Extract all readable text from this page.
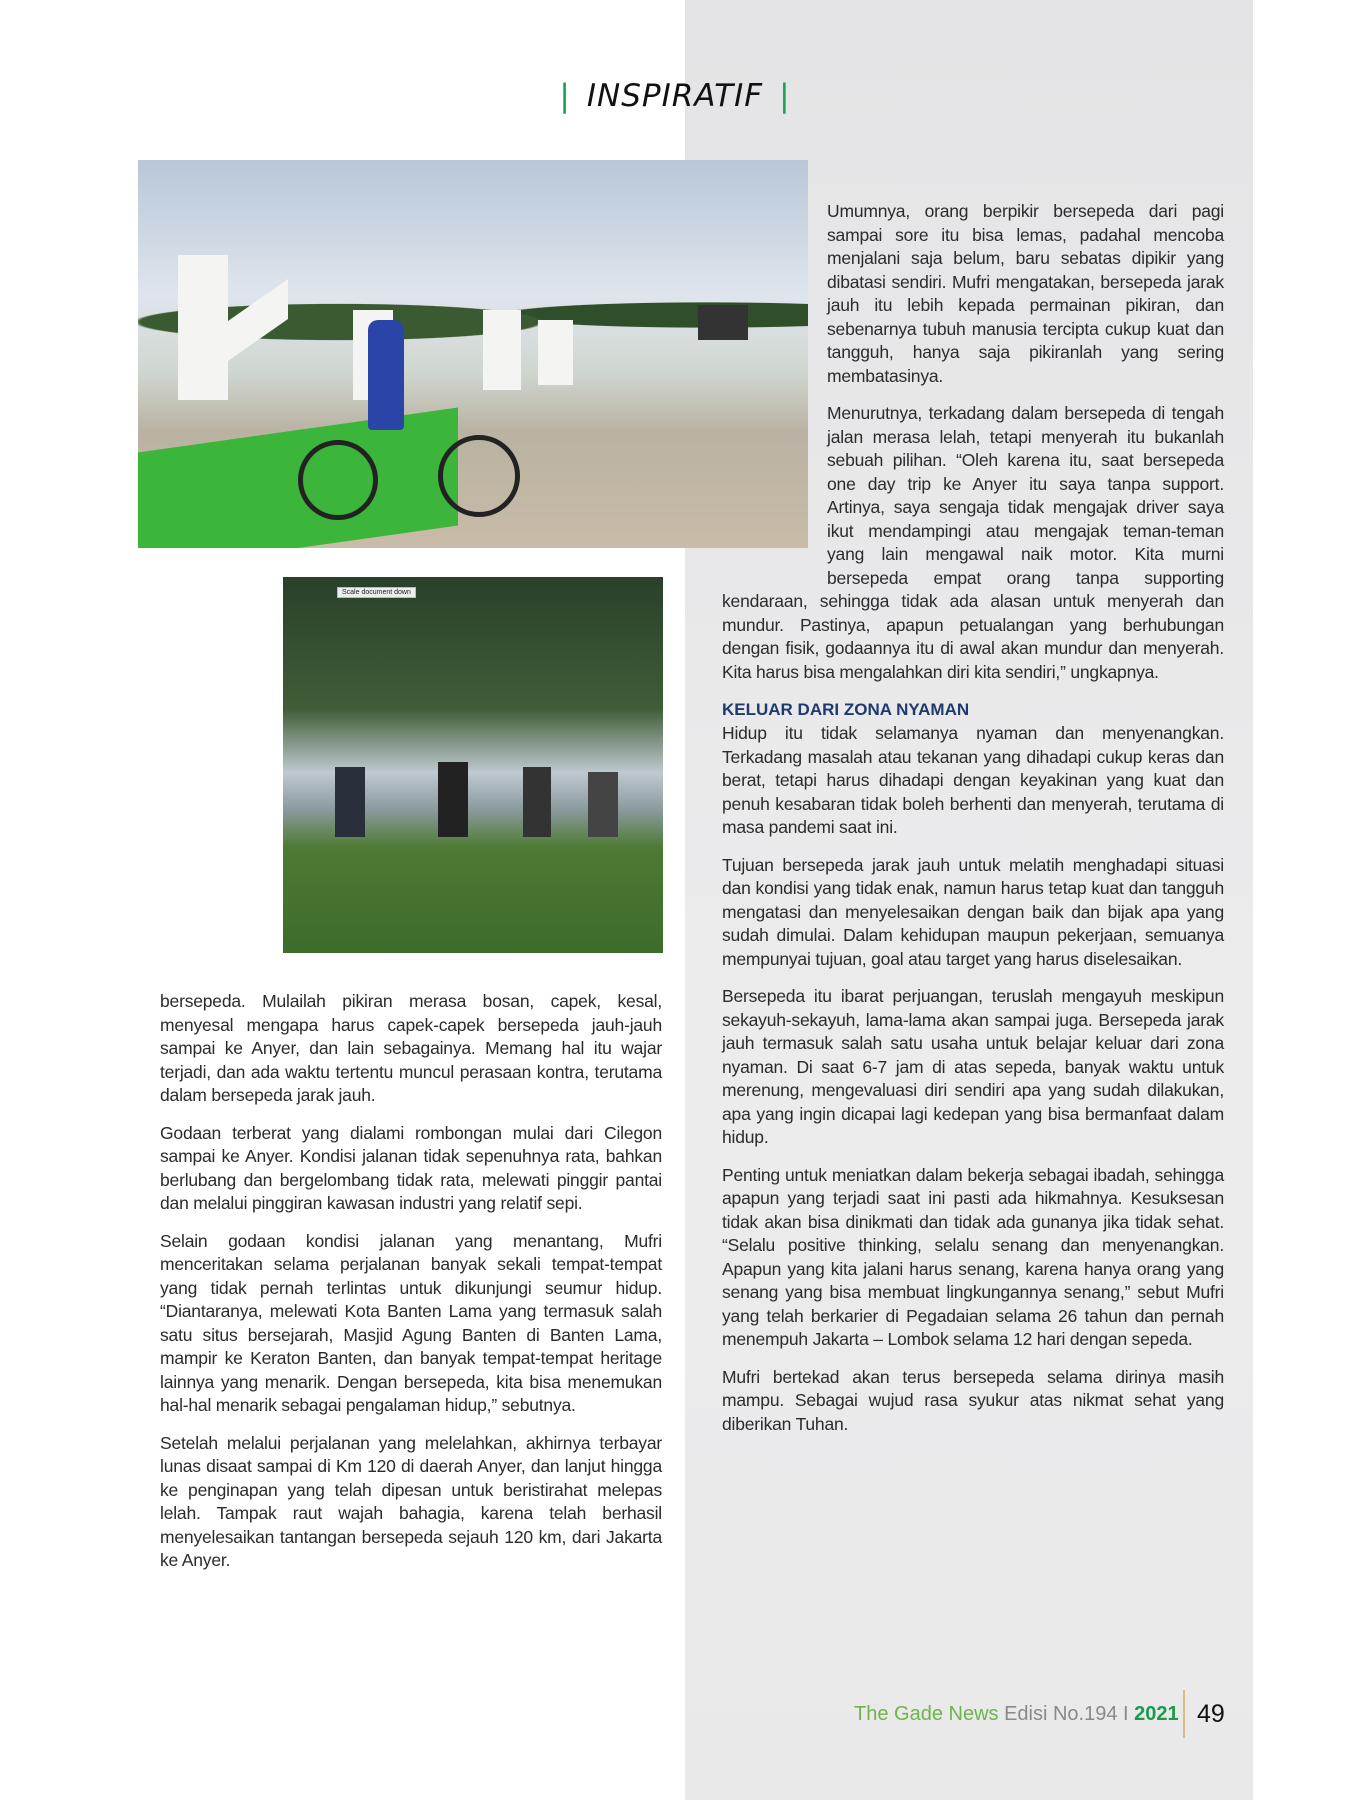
| INSPIRATIF |
Scale document down

Umumnya, orang berpikir bersepeda dari pagi sampai sore itu bisa lemas, padahal mencoba menjalani saja belum, baru sebatas dipikir yang dibatasi sendiri. Mufri mengatakan, bersepeda jarak jauh itu lebih kepada permainan pikiran, dan sebenarnya tubuh manusia tercipta cukup kuat dan tangguh, hanya saja pikiranlah yang sering membatasinya.

Menurutnya, terkadang dalam bersepeda di tengah jalan merasa lelah, tetapi menyerah itu bukanlah sebuah pilihan. “Oleh karena itu, saat bersepeda one day trip ke Anyer itu saya tanpa support. Artinya, saya sengaja tidak mengajak driver saya ikut mendampingi atau mengajak teman-teman yang lain mengawal naik motor. Kita murni bersepeda empat orang tanpa supporting kendaraan, sehingga tidak ada alasan untuk menyerah dan mundur. Pastinya, apapun petualangan yang berhubungan dengan fisik, godaannya itu di awal akan mundur dan menyerah. Kita harus bisa mengalahkan diri kita sendiri,” ungkapnya.

KELUAR DARI ZONA NYAMAN

Hidup itu tidak selamanya nyaman dan menyenangkan. Terkadang masalah atau tekanan yang dihadapi cukup keras dan berat, tetapi harus dihadapi dengan keyakinan yang kuat dan penuh kesabaran tidak boleh berhenti dan menyerah, terutama di masa pandemi saat ini.

Tujuan bersepeda jarak jauh untuk melatih menghadapi situasi dan kondisi yang tidak enak, namun harus tetap kuat dan tangguh mengatasi dan menyelesaikan dengan baik dan bijak apa yang sudah dimulai. Dalam kehidupan maupun pekerjaan, semuanya mempunyai tujuan, goal atau target yang harus diselesaikan.

Bersepeda itu ibarat perjuangan, teruslah mengayuh meskipun sekayuh-sekayuh, lama-lama akan sampai juga. Bersepeda jarak jauh termasuk salah satu usaha untuk belajar keluar dari zona nyaman. Di saat 6-7 jam di atas sepeda, banyak waktu untuk merenung, mengevaluasi diri sendiri apa yang sudah dilakukan, apa yang ingin dicapai lagi kedepan yang bisa bermanfaat dalam hidup.

Penting untuk meniatkan dalam bekerja sebagai ibadah, sehingga apapun yang terjadi saat ini pasti ada hikmahnya. Kesuksesan tidak akan bisa dinikmati dan tidak ada gunanya jika tidak sehat. “Selalu positive thinking, selalu senang dan menyenangkan. Apapun yang kita jalani harus senang, karena hanya orang yang senang yang bisa membuat lingkungannya senang,” sebut Mufri yang telah berkarier di Pegadaian selama 26 tahun dan pernah menempuh Jakarta – Lombok selama 12 hari dengan sepeda.

Mufri bertekad akan terus bersepeda selama dirinya masih mampu. Sebagai wujud rasa syukur atas nikmat sehat yang diberikan Tuhan.

bersepeda. Mulailah pikiran merasa bosan, capek, kesal, menyesal mengapa harus capek-capek bersepeda jauh-jauh sampai ke Anyer, dan lain sebagainya. Memang hal itu wajar terjadi, dan ada waktu tertentu muncul perasaan kontra, terutama dalam bersepeda jarak jauh.

Godaan terberat yang dialami rombongan mulai dari Cilegon sampai ke Anyer. Kondisi jalanan tidak sepenuhnya rata, bahkan berlubang dan bergelombang tidak rata, melewati pinggir pantai dan melalui pinggiran kawasan industri yang relatif sepi.

Selain godaan kondisi jalanan yang menantang, Mufri menceritakan selama perjalanan banyak sekali tempat-tempat yang tidak pernah terlintas untuk dikunjungi seumur hidup. “Diantaranya, melewati Kota Banten Lama yang termasuk salah satu situs bersejarah, Masjid Agung Banten di Banten Lama, mampir ke Keraton Banten, dan banyak tempat-tempat heritage lainnya yang menarik. Dengan bersepeda, kita bisa menemukan hal-hal menarik sebagai pengalaman hidup,” sebutnya.

Setelah melalui perjalanan yang melelahkan, akhirnya terbayar lunas disaat sampai di Km 120 di daerah Anyer, dan lanjut hingga ke penginapan yang telah dipesan untuk beristirahat melepas lelah. Tampak raut wajah bahagia, karena telah berhasil menyelesaikan tantangan bersepeda sejauh 120 km, dari Jakarta ke Anyer.

The Gade News Edisi No.194 I 2021 49
